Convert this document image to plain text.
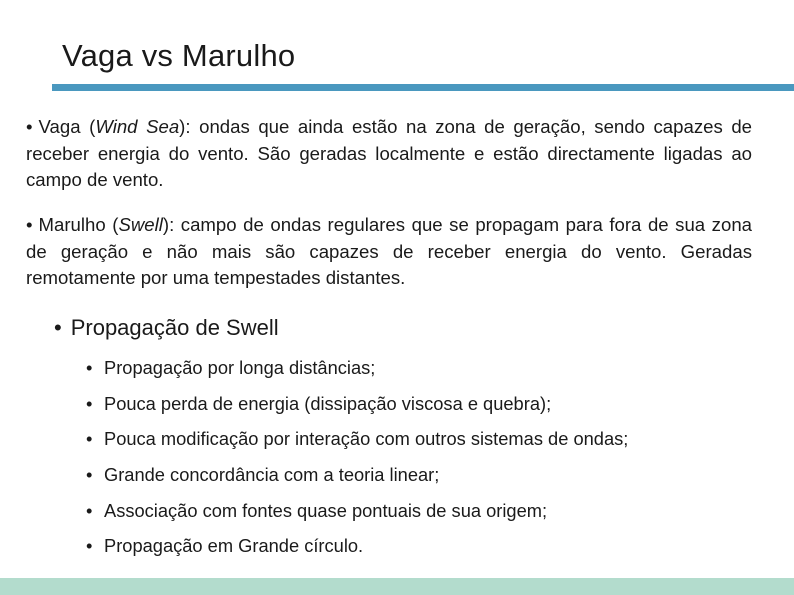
Vaga vs Marulho
• Vaga (Wind Sea): ondas que ainda estão na zona de geração, sendo capazes de receber energia do vento. São geradas localmente e estão directamente ligadas ao campo de vento.
• Marulho (Swell): campo de ondas regulares que se propagam para fora de sua zona de geração e não mais são capazes de receber energia do vento. Geradas remotamente por uma tempestades distantes.
• Propagação de Swell
• Propagação por longa distâncias;
• Pouca perda de energia (dissipação viscosa e quebra);
• Pouca modificação por interação com outros sistemas de ondas;
• Grande concordância com a teoria linear;
• Associação com fontes quase pontuais de sua origem;
• Propagação em Grande círculo.
